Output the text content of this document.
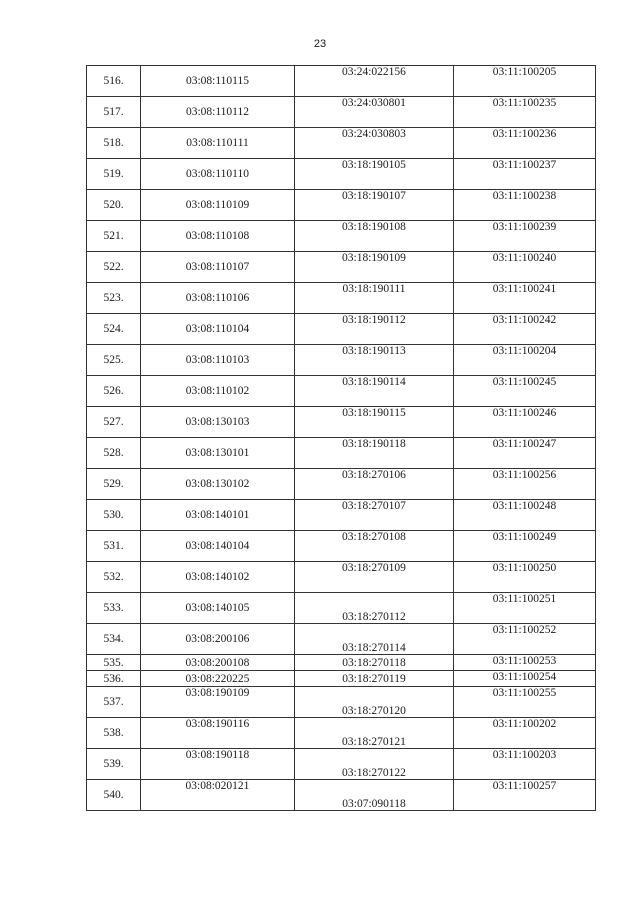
23
516.	03:08:110115	03:24:022156	03:11:100205
517.	03:08:110112	03:24:030801	03:11:100235
518.	03:08:110111	03:24:030803	03:11:100236
519.	03:08:110110	03:18:190105	03:11:100237
520.	03:08:110109	03:18:190107	03:11:100238
521.	03:08:110108	03:18:190108	03:11:100239
522.	03:08:110107	03:18:190109	03:11:100240
523.	03:08:110106	03:18:190111	03:11:100241
524.	03:08:110104	03:18:190112	03:11:100242
525.	03:08:110103	03:18:190113	03:11:100204
526.	03:08:110102	03:18:190114	03:11:100245
527.	03:08:130103	03:18:190115	03:11:100246
528.	03:08:130101	03:18:190118	03:11:100247
529.	03:08:130102	03:18:270106	03:11:100256
530.	03:08:140101	03:18:270107	03:11:100248
531.	03:08:140104	03:18:270108	03:11:100249
532.	03:08:140102	03:18:270109	03:11:100250
533.	03:08:140105	03:18:270112	03:11:100251
534.	03:08:200106	03:18:270114	03:11:100252
535.	03:08:200108	03:18:270118	03:11:100253
536.	03:08:220225	03:18:270119	03:11:100254
537.	03:08:190109	03:18:270120	03:11:100255
538.	03:08:190116	03:18:270121	03:11:100202
539.	03:08:190118	03:18:270122	03:11:100203
540.	03:08:020121	03:07:090118	03:11:100257
